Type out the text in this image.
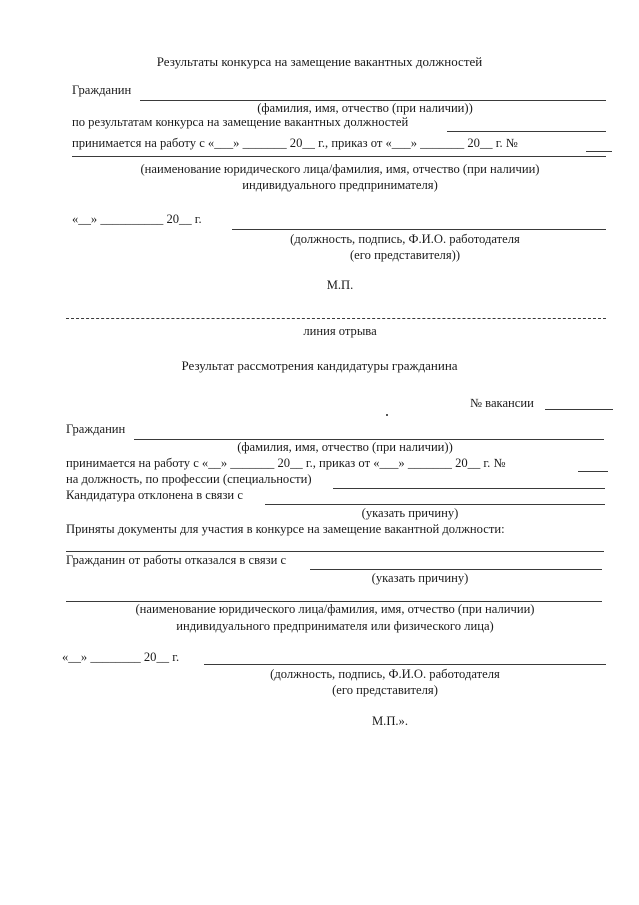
Результаты конкурса на замещение вакантных должностей
Гражданин
(фамилия, имя, отчество (при наличии))
по результатам конкурса на замещение вакантных должностей
принимается на работу с «___» _______ 20__ г., приказ от «___» _______ 20__ г. №
(наименование юридического лица/фамилия, имя, отчество (при наличии)
индивидуального предпринимателя)
«__» __________ 20__ г.
(должность, подпись, Ф.И.О. работодателя
(его представителя))
М.П.
линия отрыва
Результат рассмотрения кандидатуры гражданина
№ вакансии
Гражданин
(фамилия, имя, отчество (при наличии))
принимается на работу с «__» _______ 20__ г., приказ от «___» _______ 20__ г. №
на должность, по профессии (специальности)
Кандидатура отклонена в связи с
(указать причину)
Приняты документы для участия в конкурсе на замещение вакантной должности:
Гражданин от работы отказался в связи с
(указать причину)
(наименование юридического лица/фамилия, имя, отчество (при наличии)
индивидуального предпринимателя или физического лица)
«__» ________ 20__ г.
(должность, подпись, Ф.И.О. работодателя
(его представителя)
М.П.».
